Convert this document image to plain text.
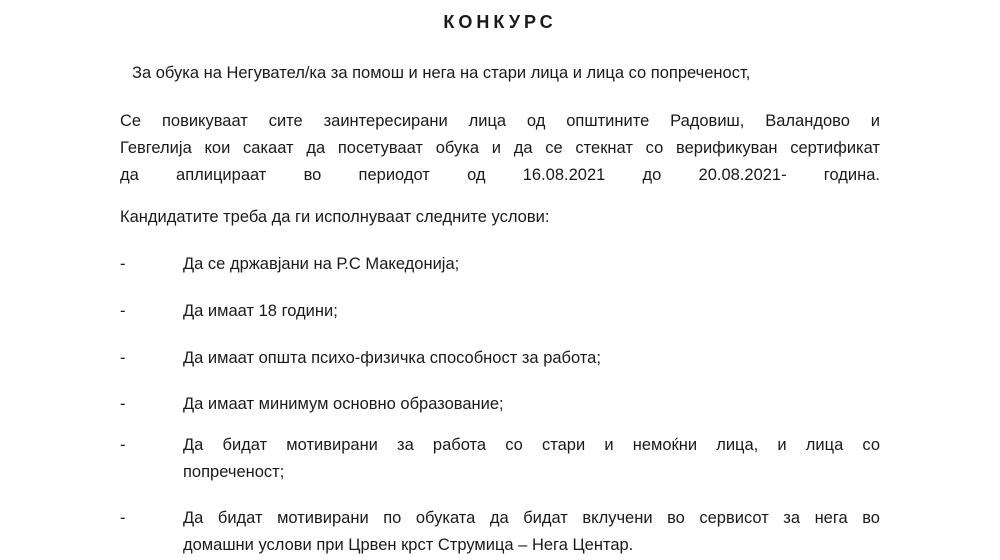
КОНКУРС

За обука на Негувател/ка за помош и нега на стари лица и лица со попреченост,

Се повикуваат сите заинтересирани лица од општините Радовиш, Валандово и
Гевгелија кои сакаат да посетуваат обука и да се стекнат со верификуван сертификат
да аплицираат во периодот од 16.08.2021 до 20.08.2021- година.

Кандидатите треба да ги исполнуваат следните услови:

-	Да се државјани на Р.С Македонија;
-	Да имаат 18 години;
-	Да имаат општа психо-физичка способност за работа;
-	Да имаат минимум основно образование;
-	Да бидат мотивирани за работа со стари и немоќни лица, и лица со
попреченост;
-	Да бидат мотивирани по обуката да бидат вклучени во сервисот за нега во
домашни услови при Црвен крст Струмица – Нега Центар.
